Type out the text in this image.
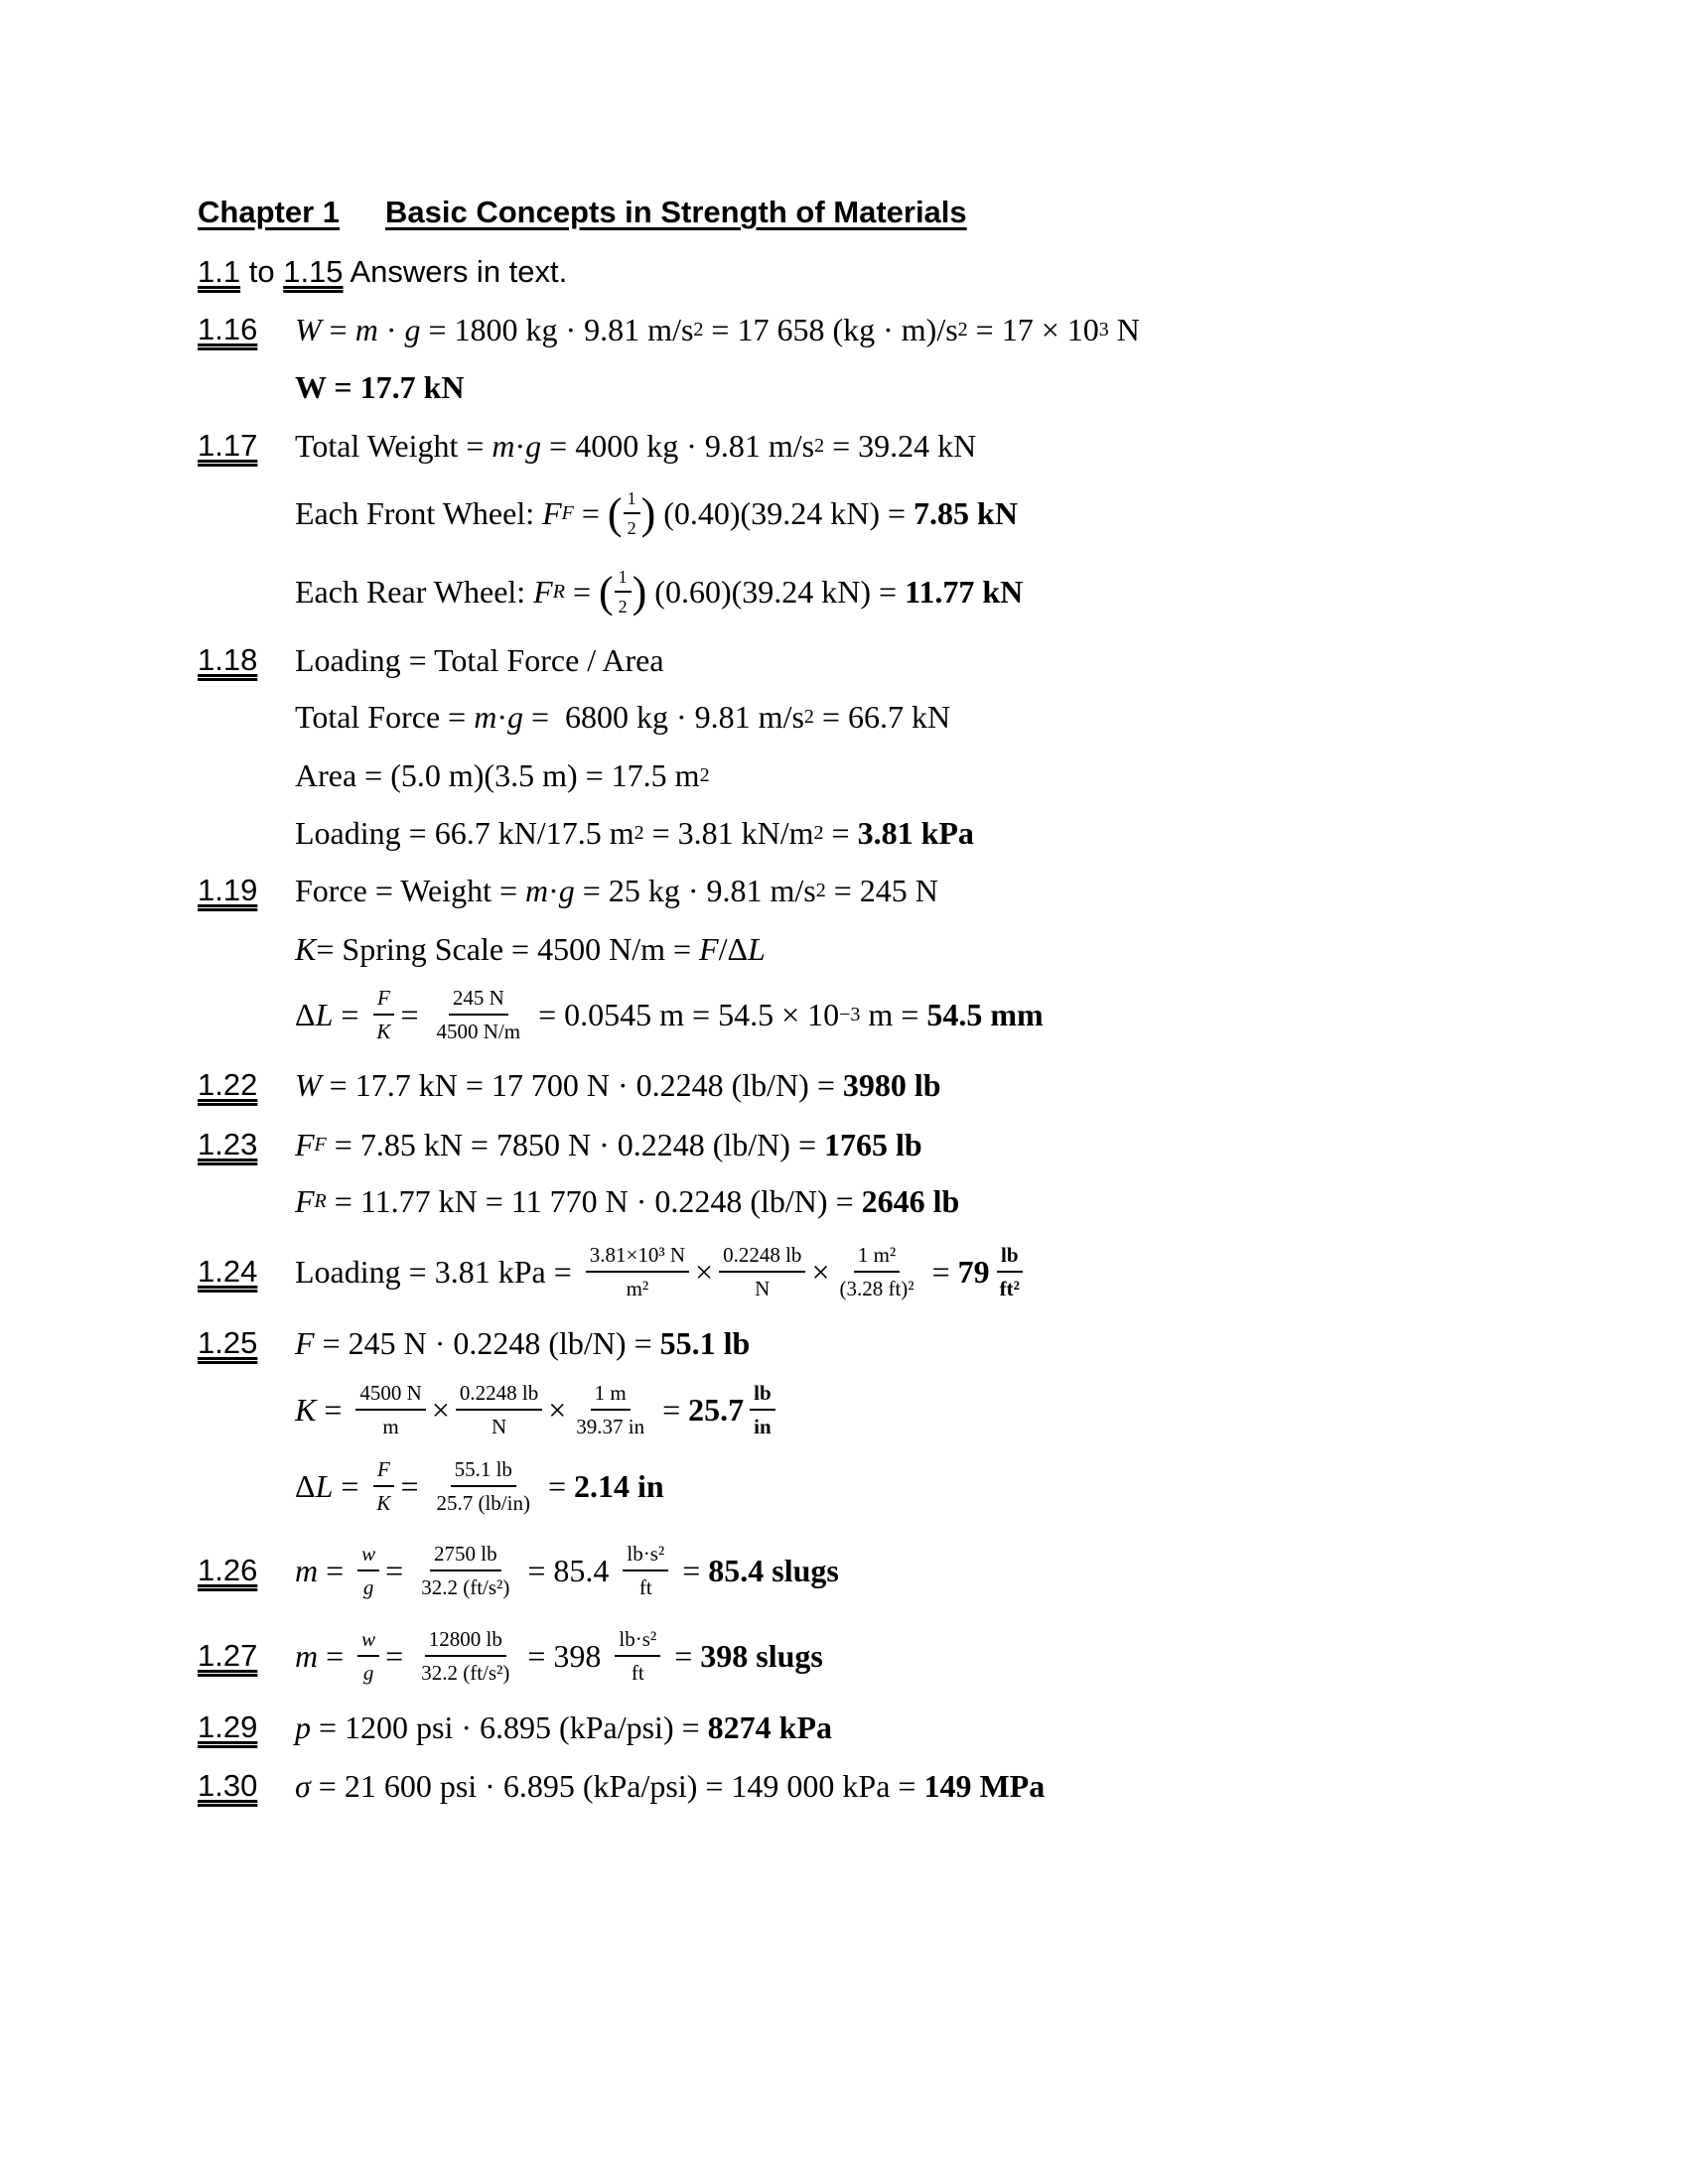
Chapter 1 Basic Concepts in Strength of Materials
1.1 to 1.15 Answers in text.
1.16 W = m · g = 1800 kg · 9.81 m/s 2 = 17 658 (kg · m)/s 2 = 17 × 10 3 N
W = 17.7 kN
1.17 Total Weight = m · g = 4000 kg · 9.81 m/s 2 = 39.24 kN
Each Front Wheel: F F = ( $\frac{1}{2}$ ) (0.40)(39.24 kN) = 7.85 kN
Each Rear Wheel: F R = ( $\frac{1}{2}$ ) (0.60)(39.24 kN) = 11.77 kN
1.18 Loading = Total Force / Area
Total Force = m · g =  6800 kg · 9.81 m/s 2 = 66.7 kN
Area = (5.0 m)(3.5 m) = 17.5 m 2
Loading = 66.7 kN/17.5 m 2 = 3.81 kN/m 2 = 3.81 kPa
1.19 Force = Weight = m · g = 25 kg · 9.81 m/s 2 = 245 N
K = Spring Scale = 4500 N/m = F /Δ L
Δ $L = \frac{F}{K} = \frac{245 N}{4500 N/m} = 0.0545$ m = 54.5 × 10 −3 m = 54.5 mm
1.22 W = 17.7 kN = 17 700 N · 0.2248 (lb/N) = 3980 lb
1.23 F F = 7.85 kN = 7850 N · 0.2248 (lb/N) = 1765 lb
F R = 11.77 kN = 11 770 N · 0.2248 (lb/N) = 2646 lb
1.24 Loading = 3.81 kPa = $\frac{\text{3.81×10³ N}}{\text{m²}} \times \frac{0.2248 lb}{N} \times \frac{\text{1 m²}}{\text{(3.28 ft)²}} = 79 \frac{lb}{\text{ft²}}$
1.25 F = 245 N · 0.2248 (lb/N) = 55.1 lb
$K = \frac{4500 N}{m} \times \frac{0.2248 lb}{N} \times \frac{1 m}{39.37 in} = 25.7 \frac{lb}{in}$
Δ $L = \frac{F}{K} = \frac{55.1 lb}{25.7 (lb/in)} = 2.14$ in
1.26 $m = \frac{w}{g} = \frac{2750 lb}{\text{32.2 (ft/s²)}} = 85.4 \frac{\text{lb·s²}}{ft} = 85.4$ slugs
1.27 $m = \frac{w}{g} = \frac{12800 lb}{\text{32.2 (ft/s²)}} = 398 \frac{\text{lb·s²}}{ft} = 398$ slugs
1.29 p = 1200 psi · 6.895 (kPa/psi) = 8274 kPa
1.30 σ = 21 600 psi · 6.895 (kPa/psi) = 149 000 kPa = 149 MPa
